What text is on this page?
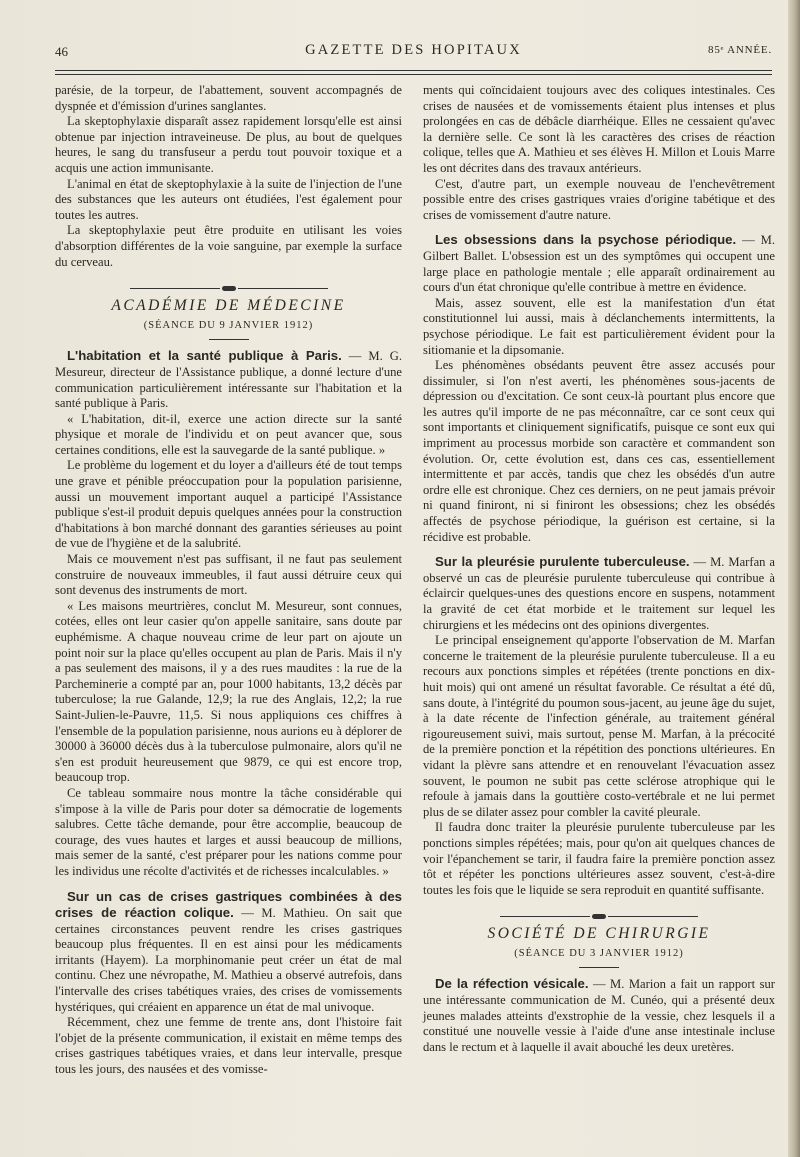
46	GAZETTE DES HOPITAUX	85ᵉ ANNÉE.

parésie, de la torpeur, de l'abattement, souvent accompagnés de dyspnée et d'émission d'urines sanglantes.

La skeptophylaxie disparaît assez rapidement lorsqu'elle est ainsi obtenue par injection intraveineuse. De plus, au bout de quelques heures, le sang du transfuseur a perdu tout pouvoir toxique et a acquis une action immunisante.

L'animal en état de skeptophylaxie à la suite de l'injection de l'une des substances que les auteurs ont étudiées, l'est également pour toutes les autres.

La skeptophylaxie peut être produite en utilisant les voies d'absorption différentes de la voie sanguine, par exemple la surface du cerveau.

ACADÉMIE DE MÉDECINE
(SÉANCE DU 9 JANVIER 1912)

L'habitation et la santé publique à Paris. — M. G. Mesureur, directeur de l'Assistance publique, a donné lecture d'une communication particulièrement intéressante sur l'habitation et la santé publique à Paris.

« L'habitation, dit-il, exerce une action directe sur la santé physique et morale de l'individu et on peut avancer que, sous certaines conditions, elle est la sauvegarde de la santé publique. »

Le problème du logement et du loyer a d'ailleurs été de tout temps une grave et pénible préoccupation pour la population parisienne, aussi un mouvement important auquel a participé l'Assistance publique s'est-il produit depuis quelques années pour la construction d'habitations à bon marché donnant des garanties sérieuses au point de vue de l'hygiène et de la salubrité.

Mais ce mouvement n'est pas suffisant, il ne faut pas seulement construire de nouveaux immeubles, il faut aussi détruire ceux qui sont devenus des instruments de mort.

« Les maisons meurtrières, conclut M. Mesureur, sont connues, cotées, elles ont leur casier qu'on appelle sanitaire, sans doute par euphémisme. A chaque nouveau crime de leur part on ajoute un point noir sur la place qu'elles occupent au plan de Paris. Mais il n'y a pas seulement des maisons, il y a des rues maudites : la rue de la Parcheminerie a compté par an, pour 1000 habitants, 13,2 décès par tuberculose; la rue Galande, 12,9; la rue des Anglais, 12,2; la rue Saint-Julien-le-Pauvre, 11,5. Si nous appliquions ces chiffres à l'ensemble de la population parisienne, nous aurions eu à déplorer de 30000 à 36000 décès dus à la tuberculose pulmonaire, alors qu'il ne s'en est produit heureusement que 9879, ce qui est encore trop, beaucoup trop.

Ce tableau sommaire nous montre la tâche considérable qui s'impose à la ville de Paris pour doter sa démocratie de logements salubres. Cette tâche demande, pour être accomplie, beaucoup de courage, des vues hautes et larges et aussi beaucoup de millions, mais semer de la santé, c'est préparer pour les nations comme pour les individus une récolte d'activités et de richesses incalculables. »

Sur un cas de crises gastriques combinées à des crises de réaction colique. — M. Mathieu. On sait que certaines circonstances peuvent rendre les crises gastriques beaucoup plus fréquentes. Il en est ainsi pour les médicaments irritants (Hayem). La morphinomanie peut créer un état de mal continu. Chez une névropathe, M. Mathieu a observé autrefois, dans l'intervalle des crises tabétiques vraies, des crises de vomissements hystériques, qui créaient en apparence un état de mal univoque.

Récemment, chez une femme de trente ans, dont l'histoire fait l'objet de la présente communication, il existait en même temps des crises gastriques tabétiques vraies, et dans leur intervalle, presque tous les jours, des nausées et des vomisse-

ments qui coïncidaient toujours avec des coliques intestinales. Ces crises de nausées et de vomissements étaient plus intenses et plus prolongées en cas de débâcle diarrhéique. Elles ne cessaient qu'avec la dernière selle. Ce sont là les caractères des crises de réaction colique, telles que A. Mathieu et ses élèves H. Millon et Louis Marre les ont décrites dans des travaux antérieurs.

C'est, d'autre part, un exemple nouveau de l'enchevêtrement possible entre des crises gastriques vraies d'origine tabétique et des crises de vomissement d'autre nature.

Les obsessions dans la psychose périodique. — M. Gilbert Ballet. L'obsession est un des symptômes qui occupent une large place en pathologie mentale ; elle apparaît ordinairement au cours d'un état chronique qu'elle contribue à mettre en évidence.

Mais, assez souvent, elle est la manifestation d'un état constitutionnel lui aussi, mais à déclanchements intermittents, la psychose périodique. Le fait est particulièrement évident pour la sitiomanie et la dipsomanie.

Les phénomènes obsédants peuvent être assez accusés pour dissimuler, si l'on n'est averti, les phénomènes sous-jacents de dépression ou d'excitation. Ce sont ceux-là pourtant plus encore que les autres qu'il importe de ne pas méconnaître, car ce sont ceux qui sont importants et cliniquement significatifs, puisque ce sont eux qui impriment au processus morbide son caractère et commandent son évolution. Or, cette évolution est, dans ces cas, essentiellement intermittente et par accès, tandis que chez les obsédés d'un autre ordre elle est chronique. Chez ces derniers, on ne peut jamais prévoir ni quand finiront, ni si finiront les obsessions; chez les obsédés affectés de psychose périodique, la guérison est certaine, si la récidive est probable.

Sur la pleurésie purulente tuberculeuse. — M. Marfan a observé un cas de pleurésie purulente tuberculeuse qui contribue à éclaircir quelques-unes des questions encore en suspens, notamment la gravité de cet état morbide et le traitement sur lequel les chirurgiens et les médecins ont des opinions divergentes.

Le principal enseignement qu'apporte l'observation de M. Marfan concerne le traitement de la pleurésie purulente tuberculeuse. Il a eu recours aux ponctions simples et répétées (trente ponctions en dix-huit mois) qui ont amené un résultat favorable. Ce résultat a été dû, sans doute, à l'intégrité du poumon sous-jacent, au jeune âge du sujet, à la date récente de l'infection générale, au traitement général rigoureusement suivi, mais surtout, pense M. Marfan, à la précocité de la première ponction et la répétition des ponctions ultérieures. En vidant la plèvre sans attendre et en renouvelant l'évacuation assez souvent, le poumon ne subit pas cette sclérose atrophique qui le refoule à jamais dans la gouttière costo-vertébrale et ne lui permet plus de se dilater assez pour combler la cavité pleurale.

Il faudra donc traiter la pleurésie purulente tuberculeuse par les ponctions simples répétées; mais, pour qu'on ait quelques chances de voir l'épanchement se tarir, il faudra faire la première ponction assez tôt et répéter les ponctions ultérieures assez souvent, c'est-à-dire toutes les fois que le liquide se sera reproduit en quantité suffisante.

SOCIÉTÉ DE CHIRURGIE
(SÉANCE DU 3 JANVIER 1912)

De la réfection vésicale. — M. Marion a fait un rapport sur une intéressante communication de M. Cunéo, qui a présenté deux jeunes malades atteints d'exstrophie de la vessie, chez lesquels il a constitué une nouvelle vessie à l'aide d'une anse intestinale incluse dans le rectum et à laquelle il avait abouché les deux uretères.
